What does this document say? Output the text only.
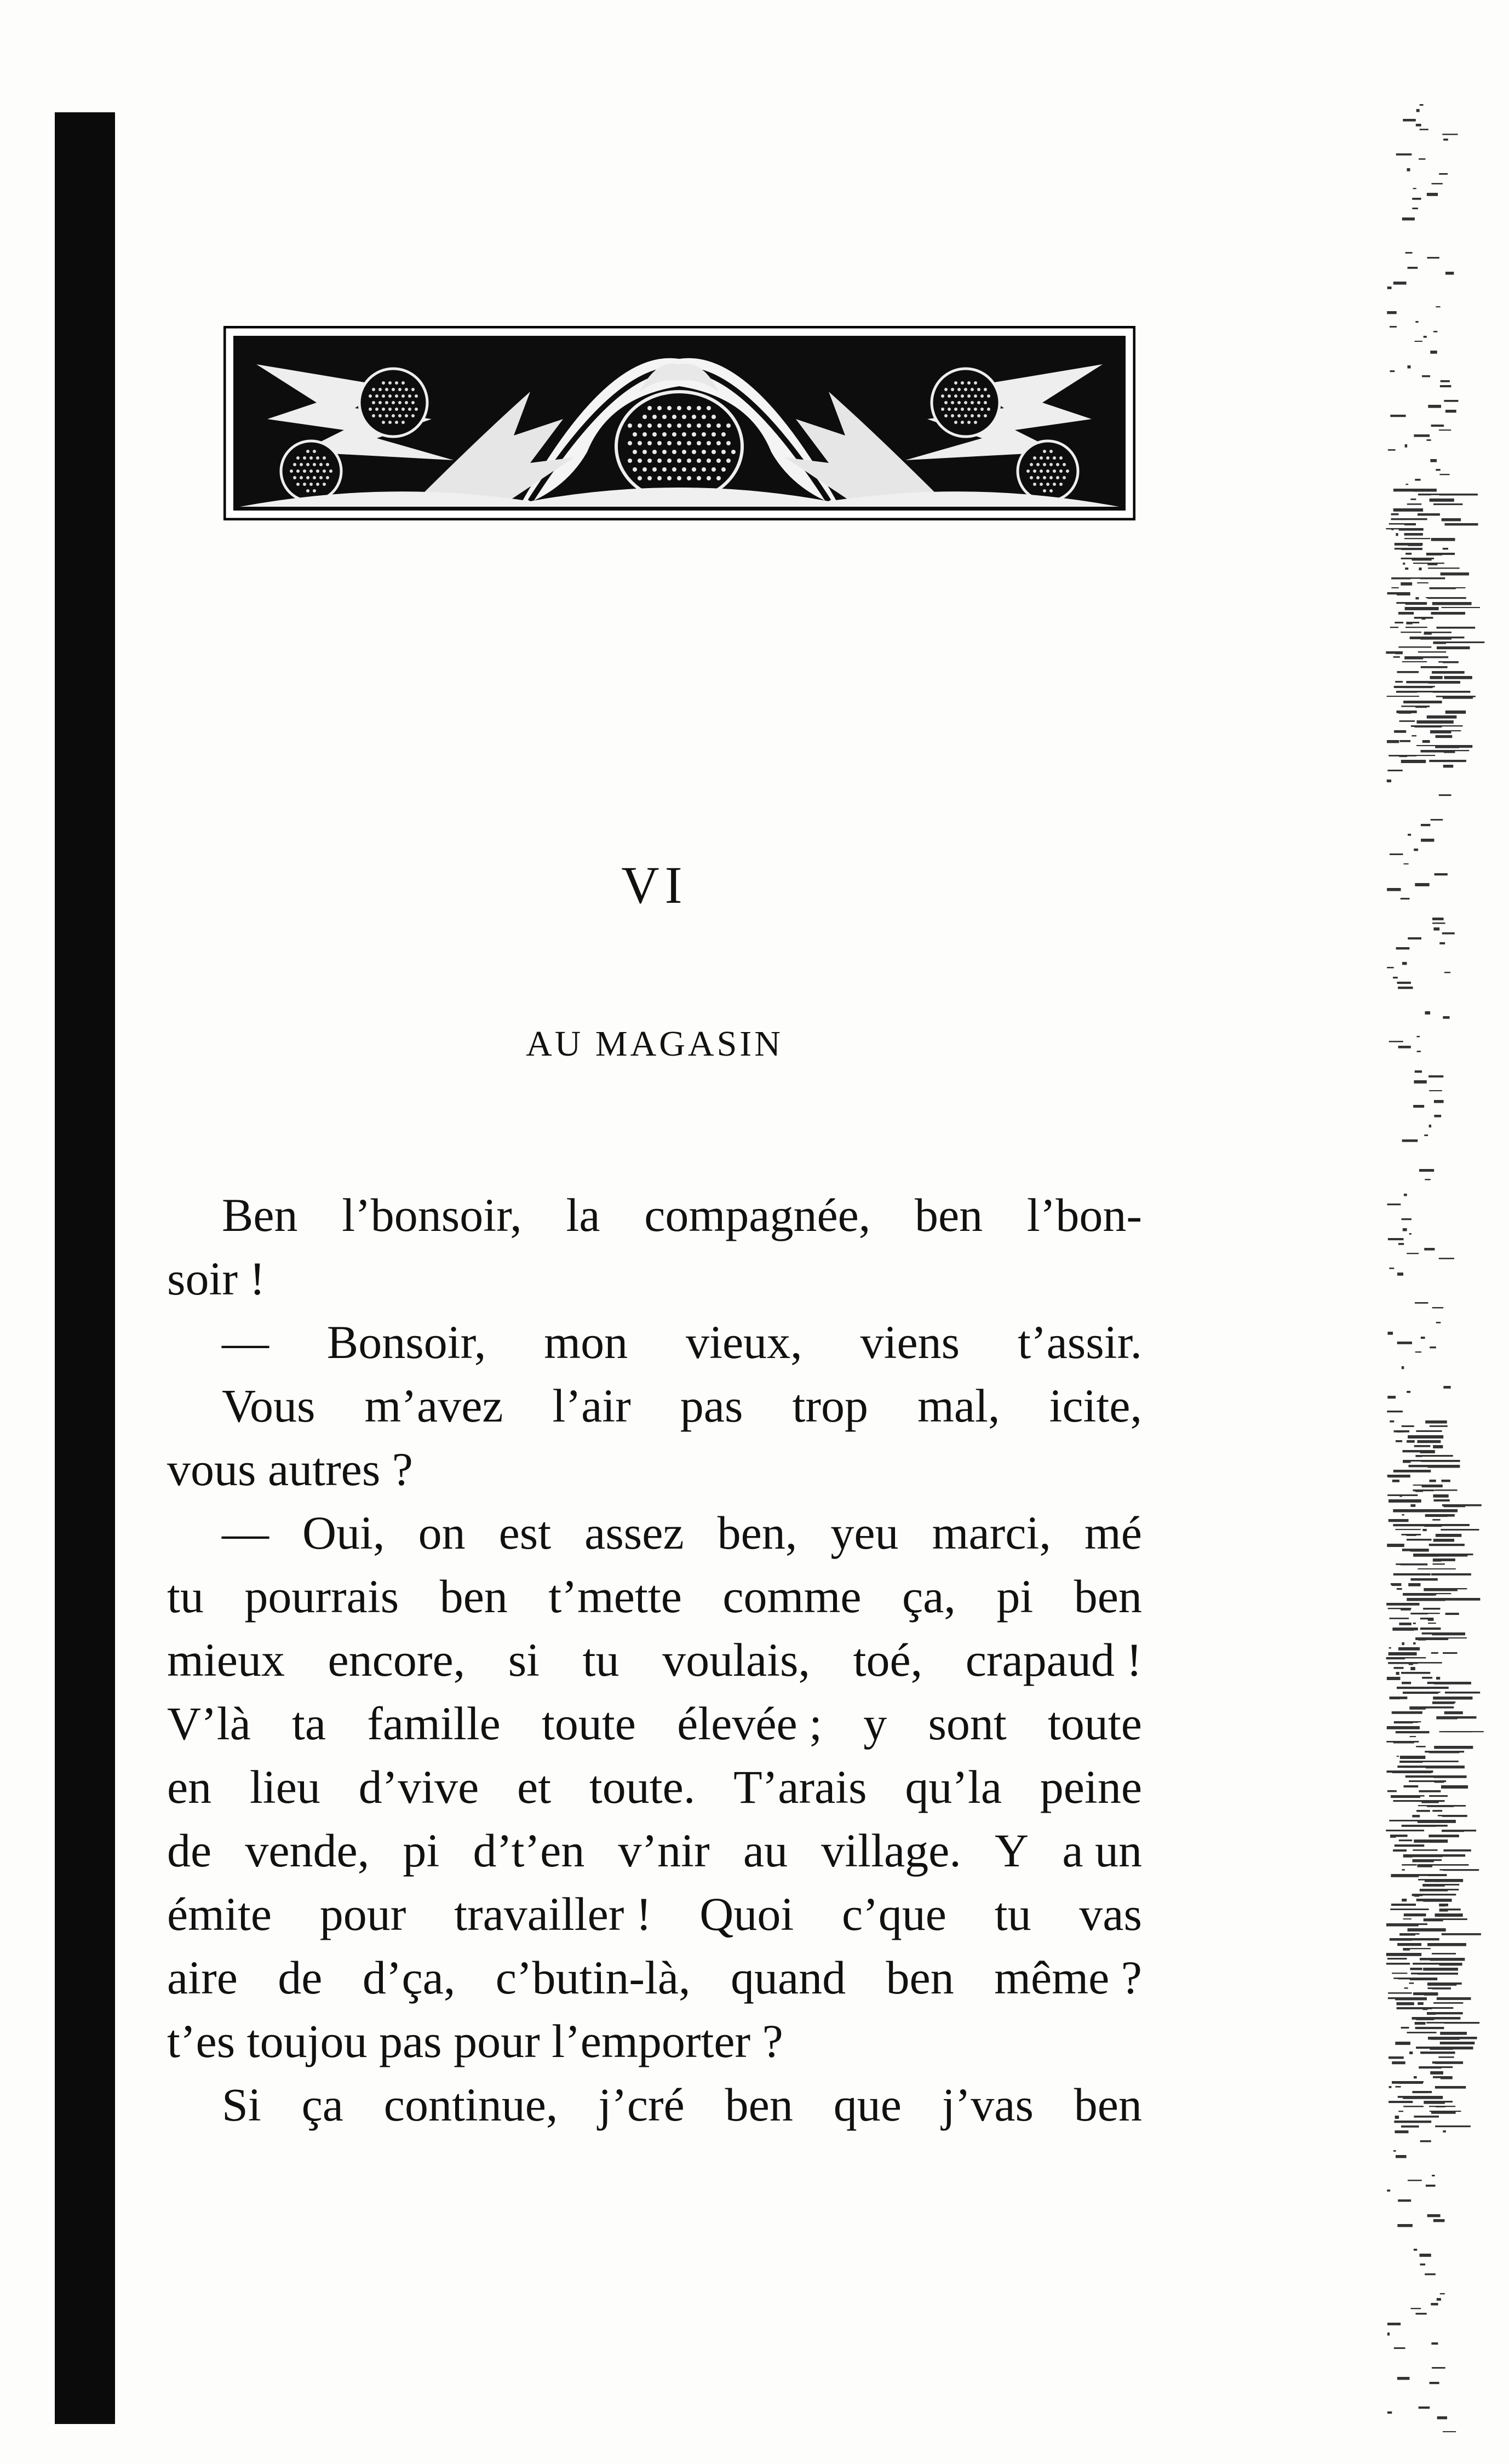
VI
AU MAGASIN
Ben l’bonsoir, la compagnée, ben l’bon-
soir !
— Bonsoir, mon vieux, viens t’assir.
Vous m’avez l’air pas trop mal, icite,
vous autres ?
— Oui, on est assez ben, yeu marci, mé
tu pourrais ben t’mette comme ça, pi ben
mieux encore, si tu voulais, toé, crapaud !
V’là ta famille toute élevée ; y sont toute
en lieu d’vive et toute. T’arais qu’la peine
de vende, pi d’t’en v’nir au village. Y a un
émite pour travailler ! Quoi c’que tu vas
aire de d’ça, c’butin-là, quand ben même ?
t’es toujou pas pour l’emporter ?
Si ça continue, j’cré ben que j’vas ben
